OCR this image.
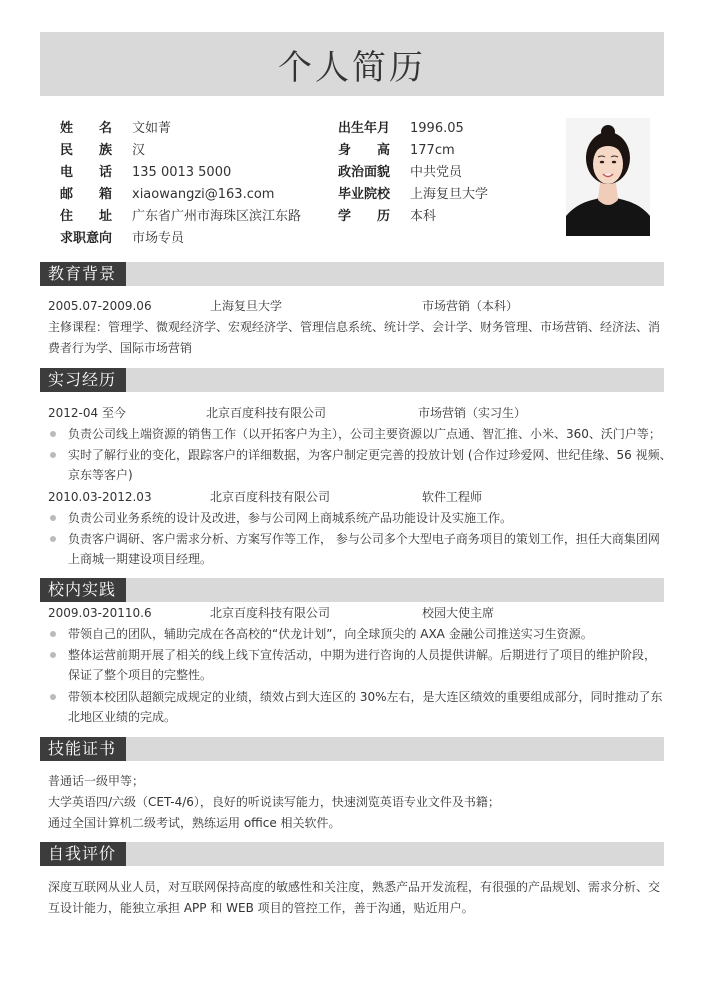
个人简历
姓名 文如菁
民族 汉
电话 135 0013 5000
邮箱 xiaowangzi@163.com
住址 广东省广州市海珠区滨江东路
求职意向 市场专员
出生年月 1996.05
身高 177cm
政治面貌 中共党员
毕业院校 上海复旦大学
学历 本科
教育背景
2005.07-2009.06	上海复旦大学	市场营销（本科）
主修课程：管理学、微观经济学、宏观经济学、管理信息系统、统计学、会计学、财务管理、市场营销、经济法、消
费者行为学、国际市场营销
实习经历
2012-04 至今	北京百度科技有限公司	市场营销（实习生）
负责公司线上端资源的销售工作（以开拓客户为主），公司主要资源以广点通、智汇推、小米、360、沃门户等；
实时了解行业的变化，跟踪客户的详细数据，为客户制定更完善的投放计划 (合作过珍爱网、世纪佳缘、56 视频、
京东等客户)
2010.03-2012.03	北京百度科技有限公司	软件工程师
负责公司业务系统的设计及改进，参与公司网上商城系统产品功能设计及实施工作。
负责客户调研、客户需求分析、方案写作等工作， 参与公司多个大型电子商务项目的策划工作，担任大商集团网
上商城一期建设项目经理。
校内实践
2009.03-20110.6	北京百度科技有限公司	校园大使主席
带领自己的团队，辅助完成在各高校的“伏龙计划”，向全球顶尖的 AXA 金融公司推送实习生资源。
整体运营前期开展了相关的线上线下宣传活动，中期为进行咨询的人员提供讲解。后期进行了项目的维护阶段，
保证了整个项目的完整性。
带领本校团队超额完成规定的业绩，绩效占到大连区的 30%左右，是大连区绩效的重要组成部分，同时推动了东
北地区业绩的完成。
技能证书
普通话一级甲等；
大学英语四/六级（CET-4/6），良好的听说读写能力，快速浏览英语专业文件及书籍；
通过全国计算机二级考试，熟练运用 office 相关软件。
自我评价
深度互联网从业人员，对互联网保持高度的敏感性和关注度，熟悉产品开发流程，有很强的产品规划、需求分析、交
互设计能力，能独立承担 APP 和 WEB 项目的管控工作，善于沟通，贴近用户。
